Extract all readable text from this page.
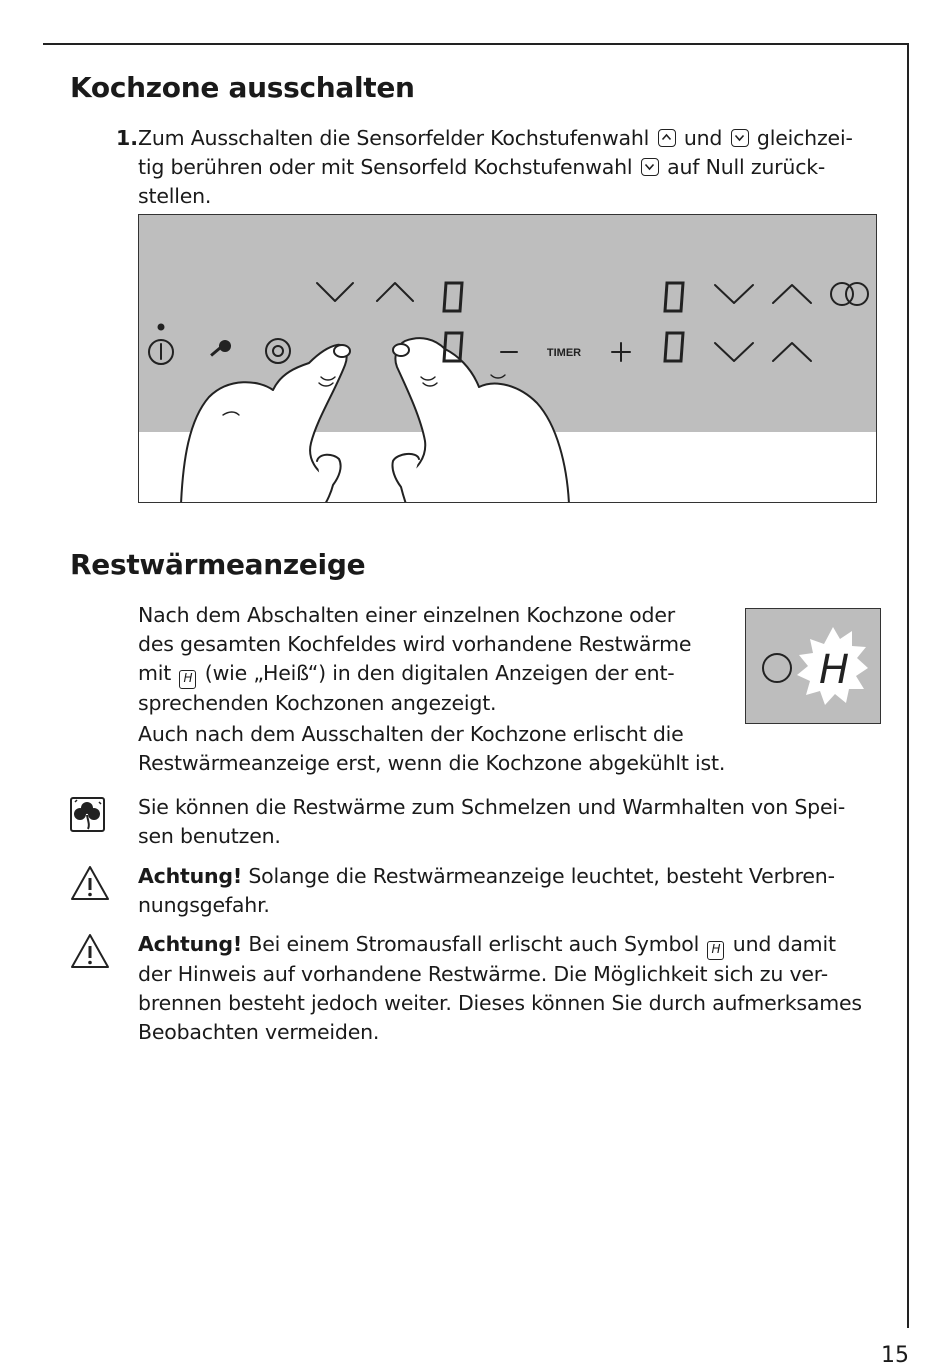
Kochzone ausschalten
1. Zum Ausschalten die Sensorfelder Kochstufenwahl und gleichzei-
tig berühren oder mit Sensorfeld Kochstufenwahl auf Null zurück-
stellen.
TIMER
Restwärmeanzeige
Nach dem Abschalten einer einzelnen Kochzone oder
des gesamten Kochfeldes wird vorhandene Restwärme
mit H (wie „Heiß“) in den digitalen Anzeigen der ent-
sprechenden Kochzonen angezeigt.
Auch nach dem Ausschalten der Kochzone erlischt die
Restwärmeanzeige erst, wenn die Kochzone abgekühlt ist.
H
Sie können die Restwärme zum Schmelzen und Warmhalten von Spei-
sen benutzen.
Achtung! Solange die Restwärmeanzeige leuchtet, besteht Verbren-
nungsgefahr.
Achtung! Bei einem Stromausfall erlischt auch Symbol H und damit
der Hinweis auf vorhandene Restwärme. Die Möglichkeit sich zu ver-
brennen besteht jedoch weiter. Dieses können Sie durch aufmerksames
Beobachten vermeiden.
15
